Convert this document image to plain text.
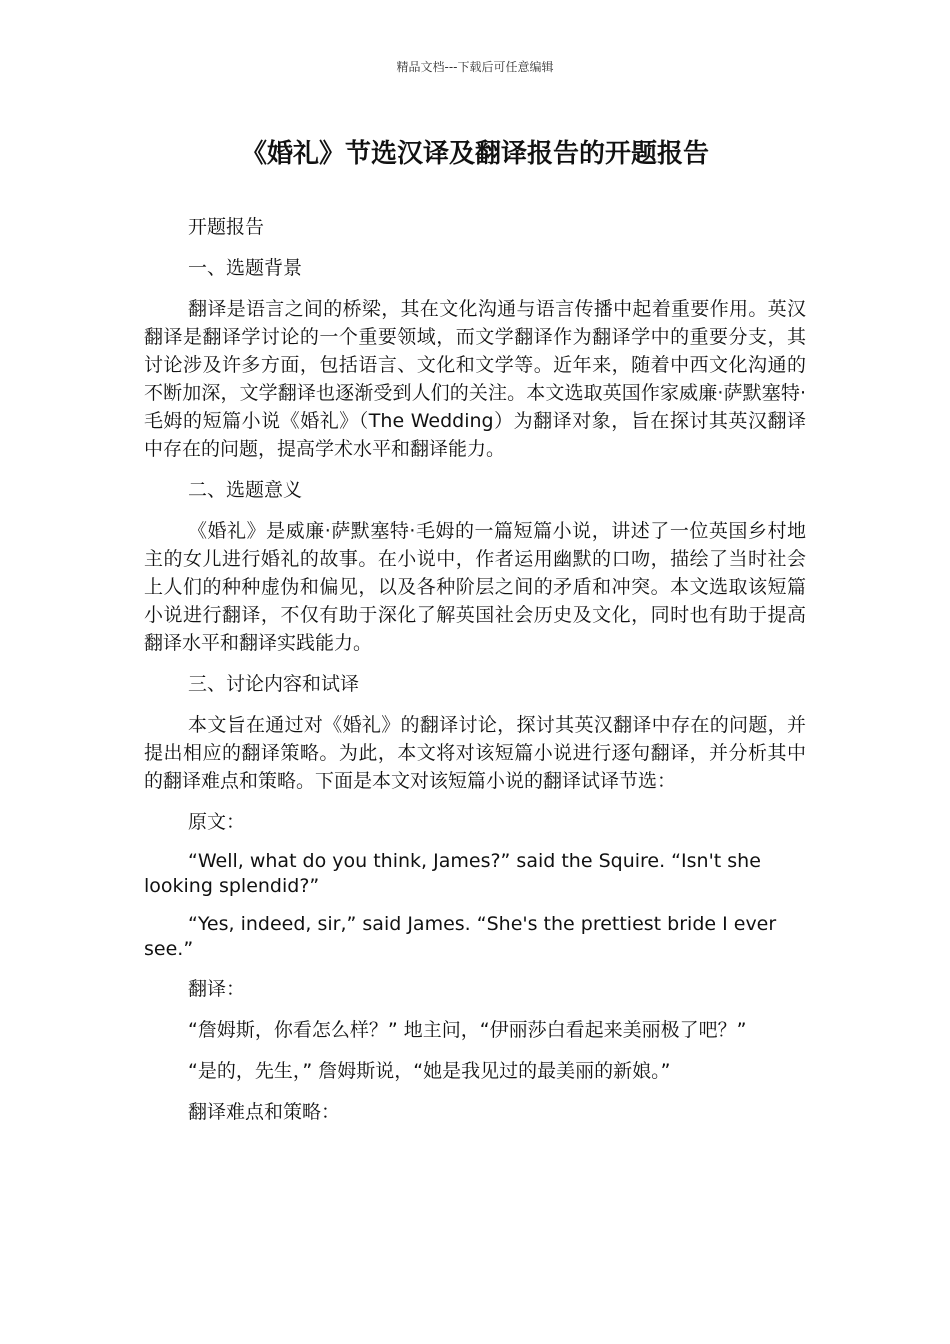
精品文档---下载后可任意编辑
《婚礼》节选汉译及翻译报告的开题报告

开题报告

一、选题背景

翻译是语言之间的桥梁，其在文化沟通与语言传播中起着重要作用。英汉翻译是翻译学讨论的一个重要领域，而文学翻译作为翻译学中的重要分支，其讨论涉及许多方面，包括语言、文化和文学等。近年来，随着中西文化沟通的不断加深，文学翻译也逐渐受到人们的关注。本文选取英国作家威廉·萨默塞特·毛姆的短篇小说《婚礼》（The Wedding）为翻译对象，旨在探讨其英汉翻译中存在的问题，提高学术水平和翻译能力。

二、选题意义

《婚礼》是威廉·萨默塞特·毛姆的一篇短篇小说，讲述了一位英国乡村地主的女儿进行婚礼的故事。在小说中，作者运用幽默的口吻，描绘了当时社会上人们的种种虚伪和偏见，以及各种阶层之间的矛盾和冲突。本文选取该短篇小说进行翻译，不仅有助于深化了解英国社会历史及文化，同时也有助于提高翻译水平和翻译实践能力。

三、讨论内容和试译

本文旨在通过对《婚礼》的翻译讨论，探讨其英汉翻译中存在的问题，并提出相应的翻译策略。为此，本文将对该短篇小说进行逐句翻译，并分析其中的翻译难点和策略。下面是本文对该短篇小说的翻译试译节选：

原文：

“Well, what do you think, James?” said the Squire. “Isn't she looking splendid?”

“Yes, indeed, sir,” said James. “She's the prettiest bride I ever see.”

翻译：

“詹姆斯，你看怎么样？” 地主问，“伊丽莎白看起来美丽极了吧？”

“是的，先生，” 詹姆斯说，“她是我见过的最美丽的新娘。”

翻译难点和策略：
